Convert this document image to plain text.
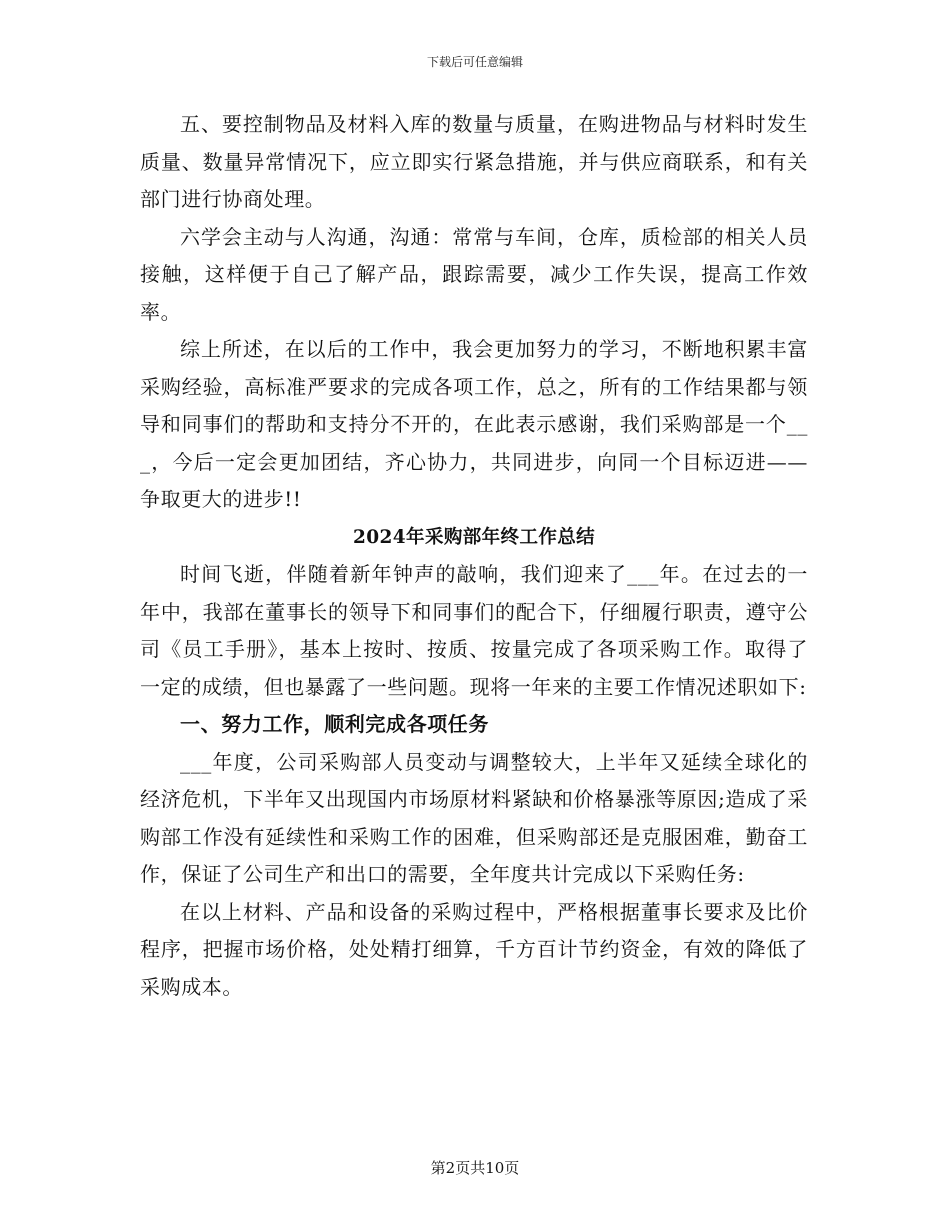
下载后可任意编辑

五、要控制物品及材料入库的数量与质量，在购进物品与材料时发生质量、数量异常情况下，应立即实行紧急措施，并与供应商联系，和有关部门进行协商处理。

六学会主动与人沟通，沟通：常常与车间，仓库，质检部的相关人员接触，这样便于自己了解产品，跟踪需要，减少工作失误，提高工作效率。

综上所述，在以后的工作中，我会更加努力的学习，不断地积累丰富采购经验，高标准严要求的完成各项工作，总之，所有的工作结果都与领导和同事们的帮助和支持分不开的，在此表示感谢，我们采购部是一个___，今后一定会更加团结，齐心协力，共同进步，向同一个目标迈进——争取更大的进步!!

2024年采购部年终工作总结

时间飞逝，伴随着新年钟声的敲响，我们迎来了___年。在过去的一年中，我部在董事长的领导下和同事们的配合下，仔细履行职责，遵守公司《员工手册》，基本上按时、按质、按量完成了各项采购工作。取得了一定的成绩，但也暴露了一些问题。现将一年来的主要工作情况述职如下:

一、努力工作，顺利完成各项任务

___年度，公司采购部人员变动与调整较大，上半年又延续全球化的经济危机，下半年又出现国内市场原材料紧缺和价格暴涨等原因;造成了采购部工作没有延续性和采购工作的困难，但采购部还是克服困难，勤奋工作，保证了公司生产和出口的需要，全年度共计完成以下采购任务:

在以上材料、产品和设备的采购过程中，严格根据董事长要求及比价程序，把握市场价格，处处精打细算，千方百计节约资金，有效的降低了采购成本。

第2页共10页
